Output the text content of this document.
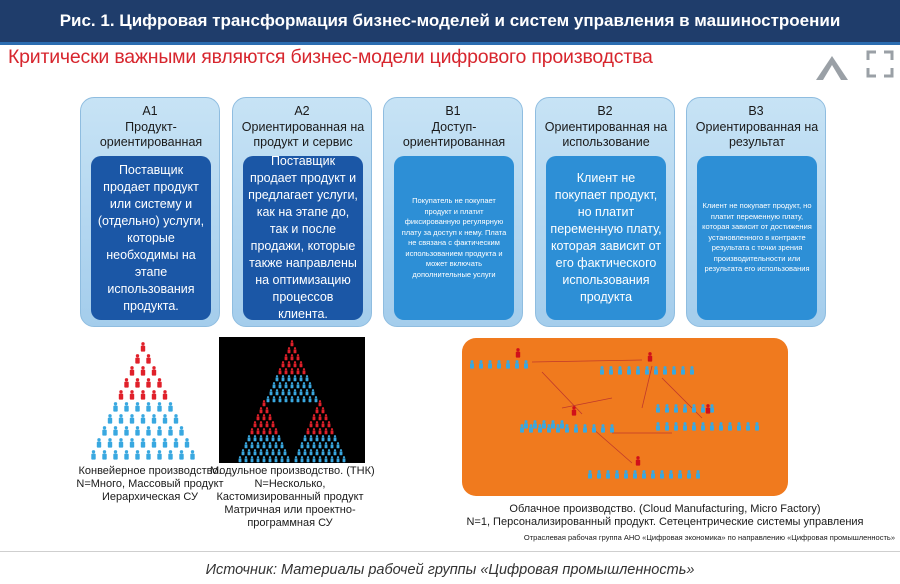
Рис. 1. Цифровая трансформация бизнес-моделей и систем управления в машиностроении
Критически важными являются бизнес-модели цифрового производства
A1
Продукт-ориентированная
Поставщик продает продукт или систему и (отдельно) услуги, которые необходимы на этапе использования продукта.
A2
Ориентированная на продукт и сервис
Поставщик продает продукт и предлагает услуги, как на этапе до, так и после продажи, которые также направлены на оптимизацию процессов клиента.
B1
Доступ-ориентированная
Покупатель не покупает продукт и платит фиксированную регулярную плату за доступ к нему. Плата не связана с фактическим использованием продукта и может включать дополнительные услуги
B2
Ориентированная на использование
Клиент не покупает продукт, но платит переменную плату, которая зависит от его фактического использования продукта
B3
Ориентированная на результат
Клиент не покупает продукт, но платит переменную плату, которая зависит от достижения установленного в контракте результата с точки зрения производительности или результата его использования
Конвейерное производство.
N=Много, Массовый продукт
Иерархическая СУ
Модульное производство. (ТНК)
N=Несколько,
Кастомизированный продукт
Матричная или проектно-
программная СУ
Облачное производство. (Cloud Manufacturing, Micro Factory)
N=1, Персонализированный продукт. Сетецентрические системы управления
Отраслевая рабочая группа АНО «Цифровая экономика» по направлению «Цифровая промышленность»
Источник: Материалы рабочей группы «Цифровая промышленность»
